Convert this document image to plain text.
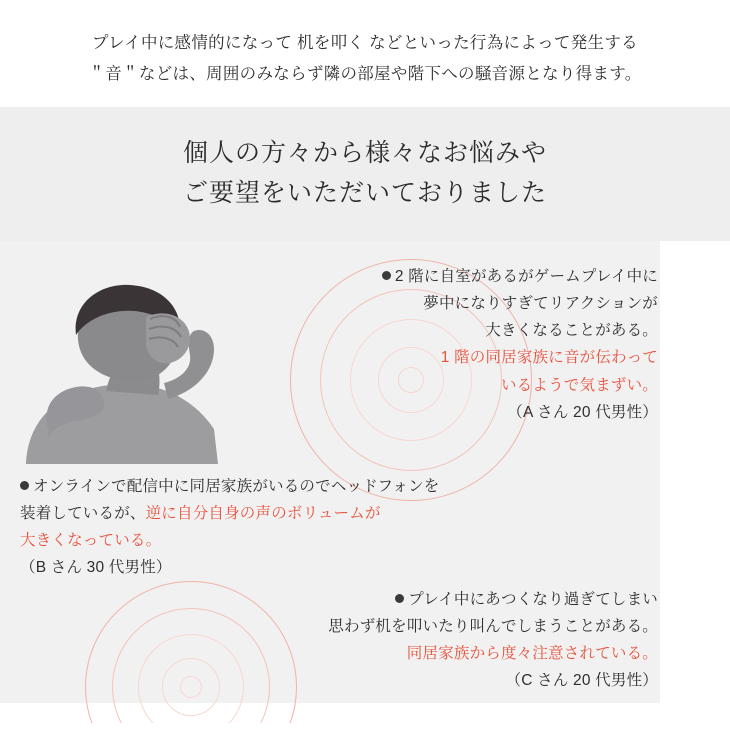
プレイ中に感情的になって 机を叩く などといった行為によって発生する

＂音＂などは、周囲のみならず隣の部屋や階下への騒音源となり得ます。

個人の方々から様々なお悩みや
ご要望をいただいておりました
2 階に自室があるがゲームプレイ中に
夢中になりすぎてリアクションが
大きくなることがある。
1 階の同居家族に音が伝わって
いるようで気まずい。
（A さん 20 代男性）
オンラインで配信中に同居家族がいるのでヘッドフォンを
装着しているが、逆に自分自身の声のボリュームが
大きくなっている。
（B さん 30 代男性）
プレイ中にあつくなり過ぎてしまい
思わず机を叩いたり叫んでしまうことがある。
同居家族から度々注意されている。
（C さん 20 代男性）
